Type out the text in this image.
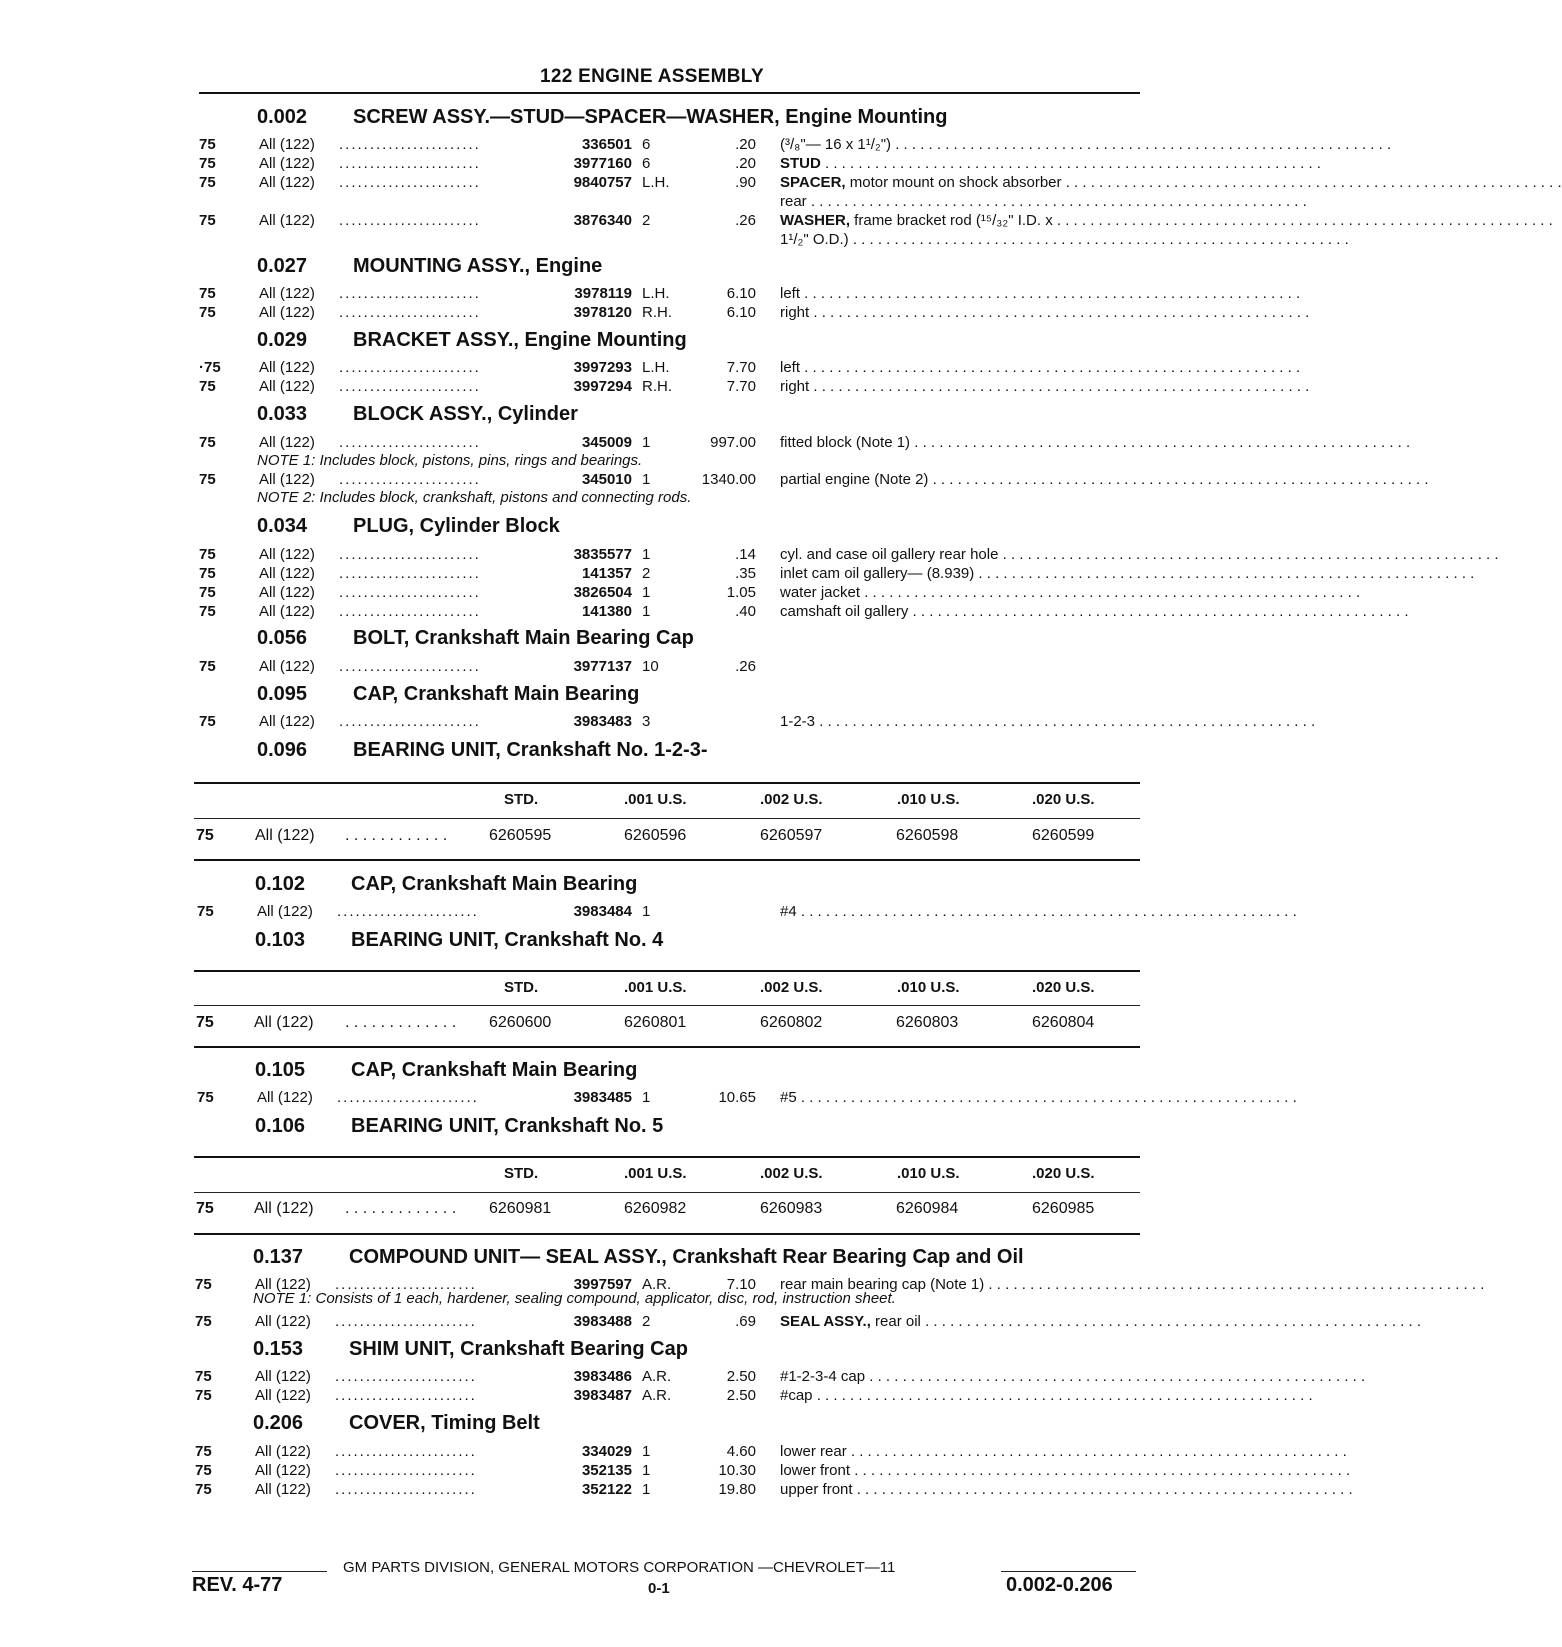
122 ENGINE ASSEMBLY
0.002 SCREW ASSY.—STUD—SPACER—WASHER, Engine Mounting
75	All (122) .......................	336501 6	.20 (³/₈"— 16 x 1¹/₂") . . . . . . . . . . . . . . . . . . . . . . . . . . . . . . . . . . . . . . . . . . . . . . . . . . . . . . . . . . . .
75	All (122) .......................	3977160 6	.20 STUD . . . . . . . . . . . . . . . . . . . . . . . . . . . . . . . . . . . . . . . . . . . . . . . . . . . . . . . . . . . .
75	All (122) .......................	9840757 L.H.	.90 SPACER, motor mount on shock absorber . . . . . . . . . . . . . . . . . . . . . . . . . . . . . . . . . . . . . . . . . . . . . . . . . . . . . . . . . . . .
rear . . . . . . . . . . . . . . . . . . . . . . . . . . . . . . . . . . . . . . . . . . . . . . . . . . . . . . . . . . . .
75	All (122) .......................	3876340 2	.26 WASHER, frame bracket rod (¹⁵/₃₂" I.D. x . . . . . . . . . . . . . . . . . . . . . . . . . . . . . . . . . . . . . . . . . . . . . . . . . . . . . . . . . . . .
1¹/₂" O.D.) . . . . . . . . . . . . . . . . . . . . . . . . . . . . . . . . . . . . . . . . . . . . . . . . . . . . . . . . . . . .
75	All (122) .......................	3978119 L.H.	6.10 left . . . . . . . . . . . . . . . . . . . . . . . . . . . . . . . . . . . . . . . . . . . . . . . . . . . . . . . . . . . .
75	All (122) .......................	3978120 R.H.	6.10 right . . . . . . . . . . . . . . . . . . . . . . . . . . . . . . . . . . . . . . . . . . . . . . . . . . . . . . . . . . . .
·75	All (122) .......................	3997293 L.H.	7.70 left . . . . . . . . . . . . . . . . . . . . . . . . . . . . . . . . . . . . . . . . . . . . . . . . . . . . . . . . . . . .
75	All (122) .......................	3997294 R.H.	7.70 right . . . . . . . . . . . . . . . . . . . . . . . . . . . . . . . . . . . . . . . . . . . . . . . . . . . . . . . . . . . .
75	All (122) .......................	345009 1	997.00 fitted block (Note 1) . . . . . . . . . . . . . . . . . . . . . . . . . . . . . . . . . . . . . . . . . . . . . . . . . . . . . . . . . . . .
75	All (122) .......................	345010 1	1340.00 partial engine (Note 2) . . . . . . . . . . . . . . . . . . . . . . . . . . . . . . . . . . . . . . . . . . . . . . . . . . . . . . . . . . . .
75	All (122) .......................	3835577 1	.14 cyl. and case oil gallery rear hole . . . . . . . . . . . . . . . . . . . . . . . . . . . . . . . . . . . . . . . . . . . . . . . . . . . . . . . . . . . .
75	All (122) .......................	141357 2	.35 inlet cam oil gallery— (8.939) . . . . . . . . . . . . . . . . . . . . . . . . . . . . . . . . . . . . . . . . . . . . . . . . . . . . . . . . . . . .
75	All (122) .......................	3826504 1	1.05 water jacket . . . . . . . . . . . . . . . . . . . . . . . . . . . . . . . . . . . . . . . . . . . . . . . . . . . . . . . . . . . .
75	All (122) .......................	141380 1	.40 camshaft oil gallery . . . . . . . . . . . . . . . . . . . . . . . . . . . . . . . . . . . . . . . . . . . . . . . . . . . . . . . . . . . .
75	All (122) .......................	3977137 10	.26
75	All (122) .......................	3983483 3	1-2-3 . . . . . . . . . . . . . . . . . . . . . . . . . . . . . . . . . . . . . . . . . . . . . . . . . . . . . . . . . . . .
75	All (122) .......................	3983484 1	#4 . . . . . . . . . . . . . . . . . . . . . . . . . . . . . . . . . . . . . . . . . . . . . . . . . . . . . . . . . . . .
75	All (122) .......................	3983485 1	10.65 #5 . . . . . . . . . . . . . . . . . . . . . . . . . . . . . . . . . . . . . . . . . . . . . . . . . . . . . . . . . . . .
75	All (122) .......................	3997597 A.R.	7.10 rear main bearing cap (Note 1) . . . . . . . . . . . . . . . . . . . . . . . . . . . . . . . . . . . . . . . . . . . . . . . . . . . . . . . . . . . .
75	All (122) .......................	3983488 2	.69 SEAL ASSY., rear oil . . . . . . . . . . . . . . . . . . . . . . . . . . . . . . . . . . . . . . . . . . . . . . . . . . . . . . . . . . . .
75	All (122) .......................	3983486 A.R.	2.50 #1-2-3-4 cap . . . . . . . . . . . . . . . . . . . . . . . . . . . . . . . . . . . . . . . . . . . . . . . . . . . . . . . . . . . .
75	All (122) .......................	3983487 A.R.	2.50 #cap . . . . . . . . . . . . . . . . . . . . . . . . . . . . . . . . . . . . . . . . . . . . . . . . . . . . . . . . . . . .
75	All (122) .......................	334029 1	4.60 lower rear . . . . . . . . . . . . . . . . . . . . . . . . . . . . . . . . . . . . . . . . . . . . . . . . . . . . . . . . . . . .
75	All (122) .......................	352135 1	10.30 lower front . . . . . . . . . . . . . . . . . . . . . . . . . . . . . . . . . . . . . . . . . . . . . . . . . . . . . . . . . . . .
75	All (122) .......................	352122 1	19.80 upper front . . . . . . . . . . . . . . . . . . . . . . . . . . . . . . . . . . . . . . . . . . . . . . . . . . . . . . . . . . . .
0.027 MOUNTING ASSY., Engine
0.029 BRACKET ASSY., Engine Mounting
0.033 BLOCK ASSY., Cylinder
0.034 PLUG, Cylinder Block
0.056 BOLT, Crankshaft Main Bearing Cap
0.095 CAP, Crankshaft Main Bearing
0.096 BEARING UNIT, Crankshaft No. 1-2-3-
STD.	.001 U.S.	.002 U.S.	.010 U.S.	.020 U.S.
75	All (122) . . . . . . . . . . . .	6260595	6260596	6260597	6260598	6260599
0.102 CAP, Crankshaft Main Bearing
0.103 BEARING UNIT, Crankshaft No. 4
STD.	.001 U.S.	.002 U.S.	.010 U.S.	.020 U.S.
75	All (122) . . . . . . . . . . . . . 6260600	6260801	6260802	6260803	6260804
0.105 CAP, Crankshaft Main Bearing
0.106 BEARING UNIT, Crankshaft No. 5
STD.	.001 U.S.	.002 U.S.	.010 U.S.	.020 U.S.
75	All (122) . . . . . . . . . . . . . 6260981	6260982	6260983	6260984	6260985
0.137 COMPOUND UNIT— SEAL ASSY., Crankshaft Rear Bearing Cap and Oil
0.153 SHIM UNIT, Crankshaft Bearing Cap
0.206 COVER, Timing Belt
NOTE 1: Includes block, pistons, pins, rings and bearings.
NOTE 2: Includes block, crankshaft, pistons and connecting rods.
NOTE 1: Consists of 1 each, hardener, sealing compound, applicator, disc, rod, instruction sheet.
GM PARTS DIVISION, GENERAL MOTORS CORPORATION —CHEVROLET—11
REV. 4-77	0-1	0.002-0.206
